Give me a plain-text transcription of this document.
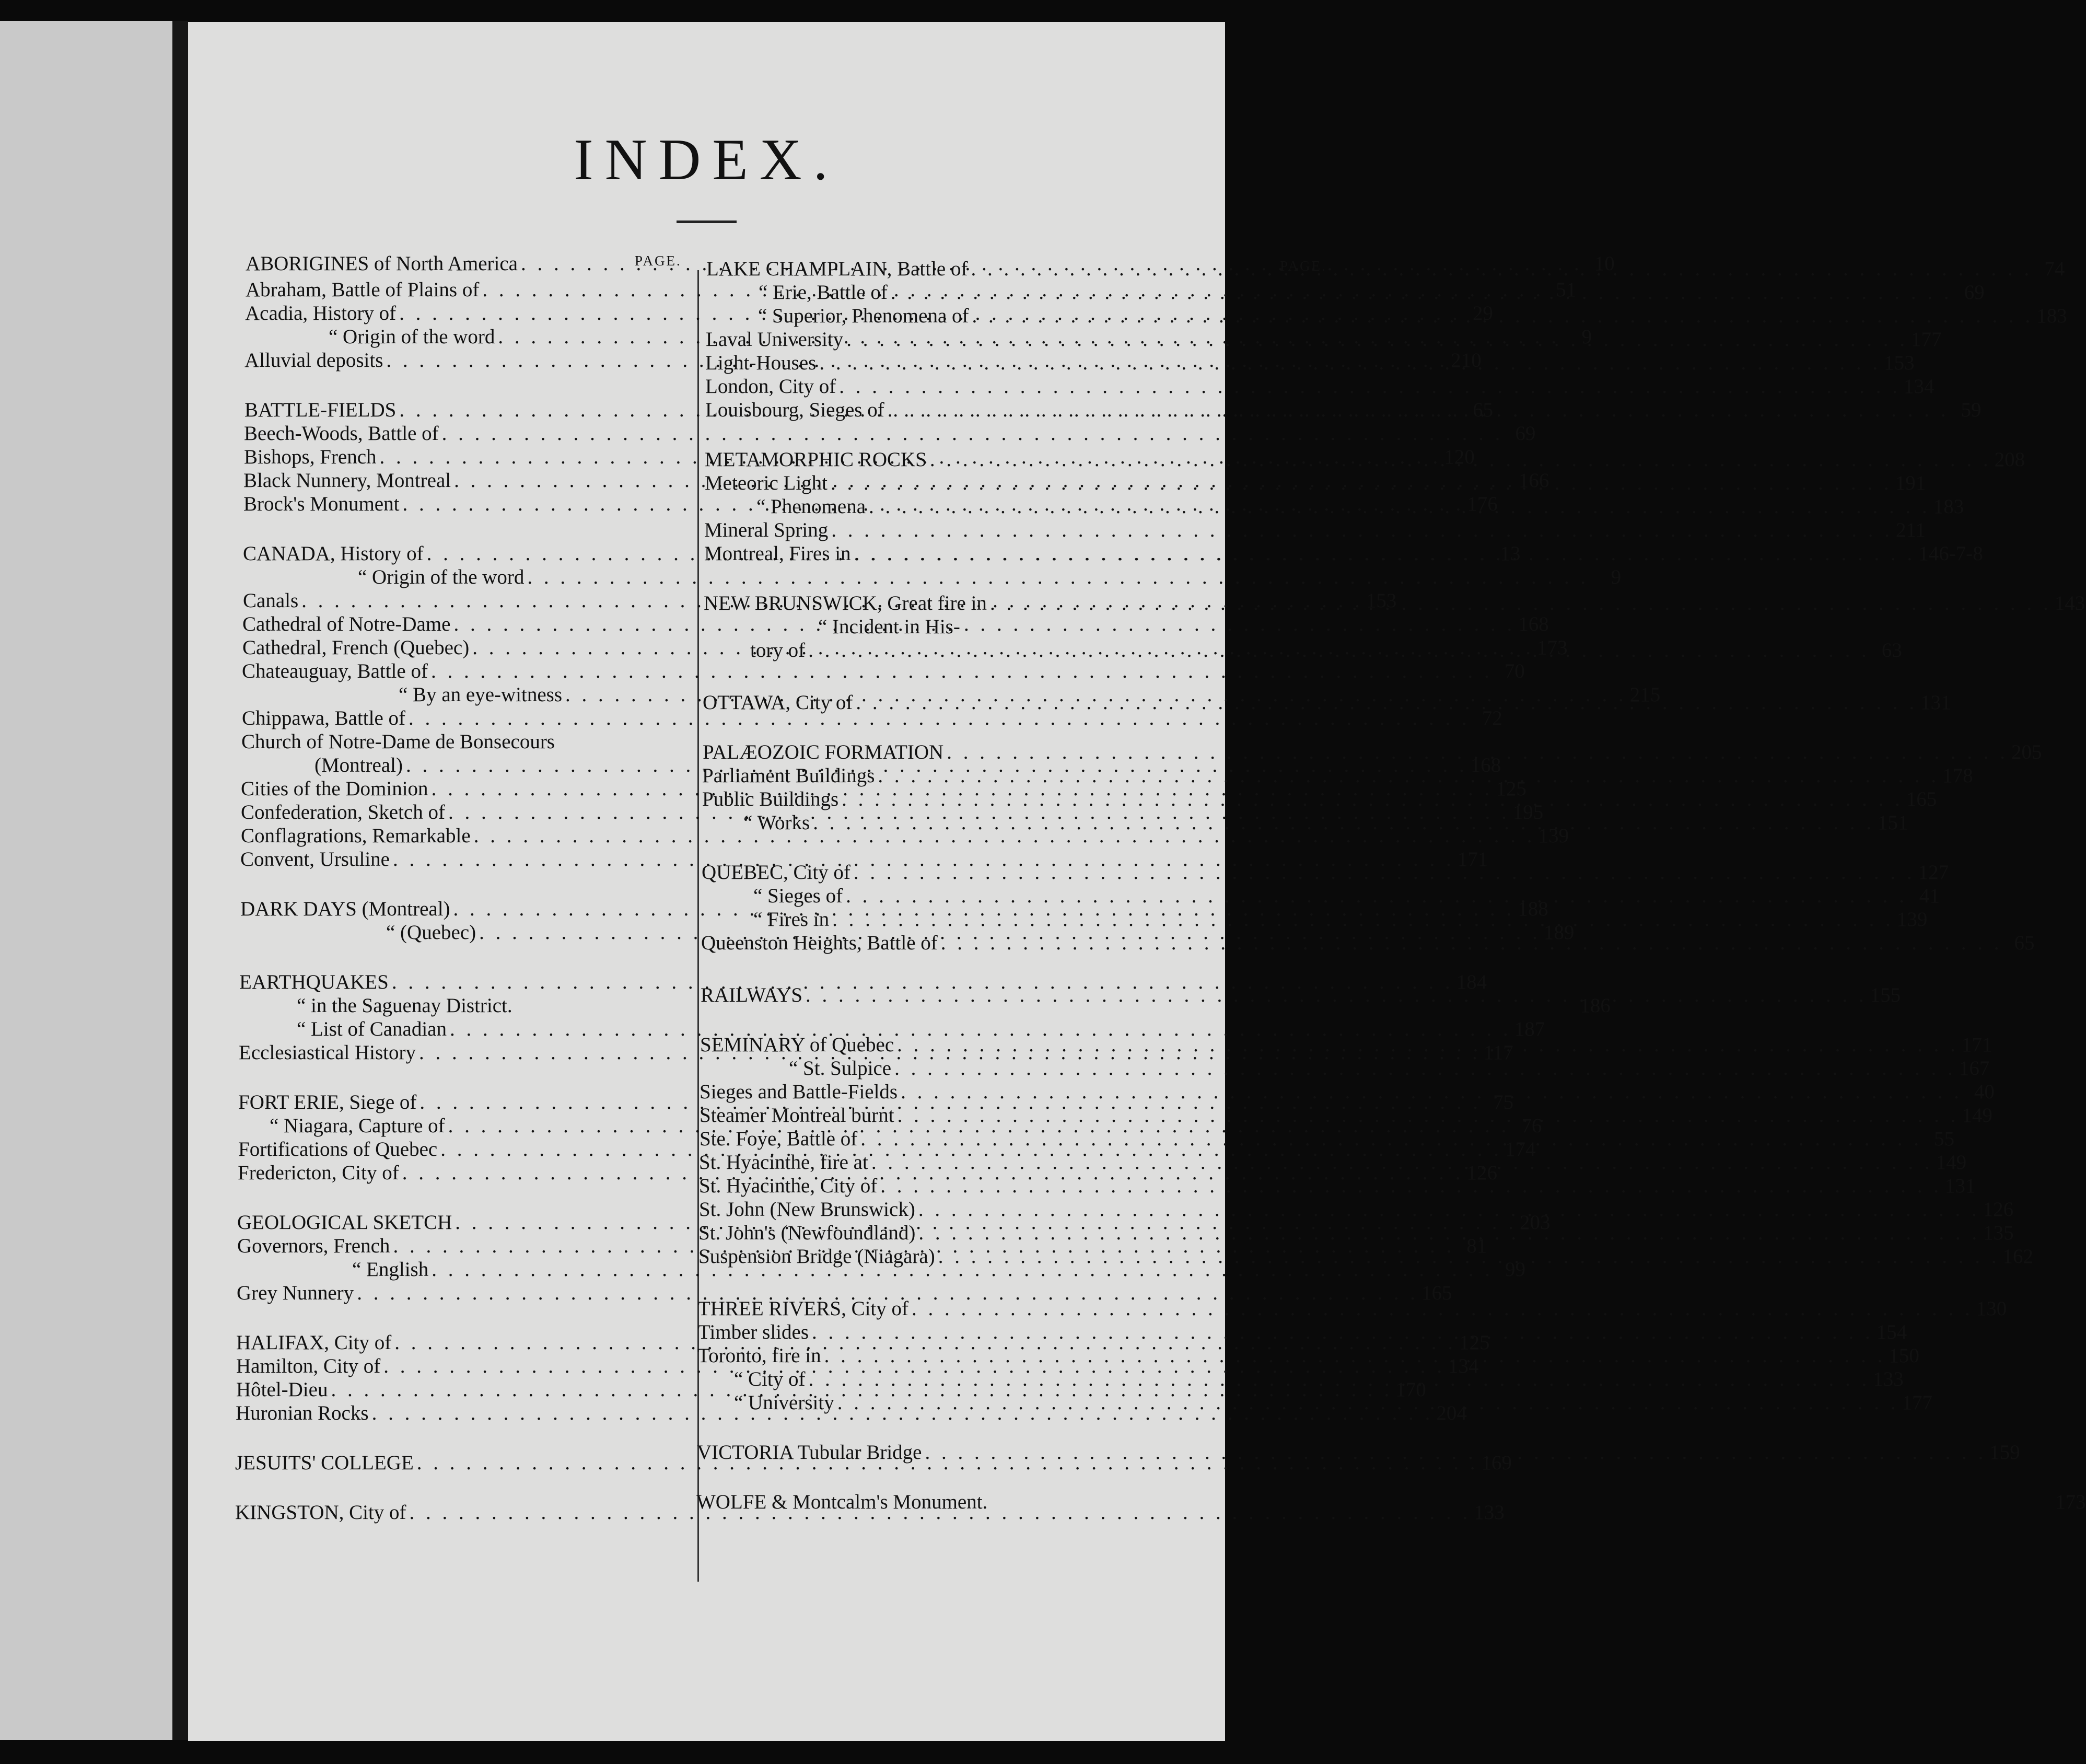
INDEX.
PAGE.
ABORIGINES of North America . . .	10
Abraham, Battle of Plains of . . .	51
Acadia, History of . . .	29
“ Origin of the word . . .	9
Alluvial deposits . . .	210
BATTLE-FIELDS . . .	65
Beech-Woods, Battle of . . .	69
Bishops, French . . .	120
Black Nunnery, Montreal . . .	166
Brock's Monument . . .	176
CANADA, History of . . .	13
“ Origin of the word . . .	9
Canals . . .	153
Cathedral of Notre-Dame . . .	168
Cathedral, French (Quebec) . . .	173
Chateauguay, Battle of . . .	70
“ By an eye-witness . . .	215
Chippawa, Battle of . . .	72
Church of Notre-Dame de Bonsecours
(Montreal) . . .	168
Cities of the Dominion . . .	125
Confederation, Sketch of . . .	195
Conflagrations, Remarkable . . .	139
Convent, Ursuline . . .	171
DARK DAYS (Montreal) . . .	188
“ (Quebec) . . .	189
EARTHQUAKES . . .	184
“ in the Saguenay District.	186
“ List of Canadian . . .	187
Ecclesiastical History . . .	117
FORT ERIE, Siege of . . .	75
“ Niagara, Capture of . . .	76
Fortifications of Quebec . . .	174
Fredericton, City of . . .	126
GEOLOGICAL SKETCH . . .	203
Governors, French . . .	81
“ English . . .	99
Grey Nunnery . . .	165
HALIFAX, City of . . .	125
Hamilton, City of . . .	134
Hôtel-Dieu . . .	170
Huronian Rocks . . .	204
JESUITS' COLLEGE . . .	169
KINGSTON, City of . . .	133
PAGE.
LAKE CHAMPLAIN, Battle of . . .	74
“ Erie, Battle of . . .	69
“ Superior, Phenomena of . . .	183
Laval University . . .	177
Light-Houses . . .	153
London, City of . . .	134
Louisbourg, Sieges of . . .	59
METAMORPHIC ROCKS . . .	208
Meteoric Light . . .	191
“ Phenomena . . .	183
Mineral Spring . . .	211
Montreal, Fires in . . .	146-7-8
NEW BRUNSWICK, Great fire in . . .	143
“ Incident in His-
tory of . . .	63
OTTAWA, City of . . .	131
PALÆOZOIC FORMATION . . .	205
Parliament Buildings . . .	178
Public Buildings . . .	165
“ Works . . .	151
QUEBEC, City of . . .	127
“ Sieges of . . .	41
“ Fires in . . .	139
Queenston Heights, Battle of . . .	65
RAILWAYS . . .	155
SEMINARY of Quebec . . .	171
“ St. Sulpice . . .	167
Sieges and Battle-Fields . . .	40
Steamer Montreal burnt . . .	149
Ste. Foye, Battle of . . .	55
St. Hyacinthe, fire at . . .	149
St. Hyacinthe, City of . . .	131
St. John (New Brunswick) . . .	126
St. John's (Newfoundland) . . .	135
Suspension Bridge (Niagara) . . .	162
THREE RIVERS, City of . . .	130
Timber slides . . .	154
Toronto, fire in . . .	150
“ City of . . .	133
“ University . . .	177
VICTORIA Tubular Bridge . . .	159
WOLFE & Montcalm's Monument.	173
